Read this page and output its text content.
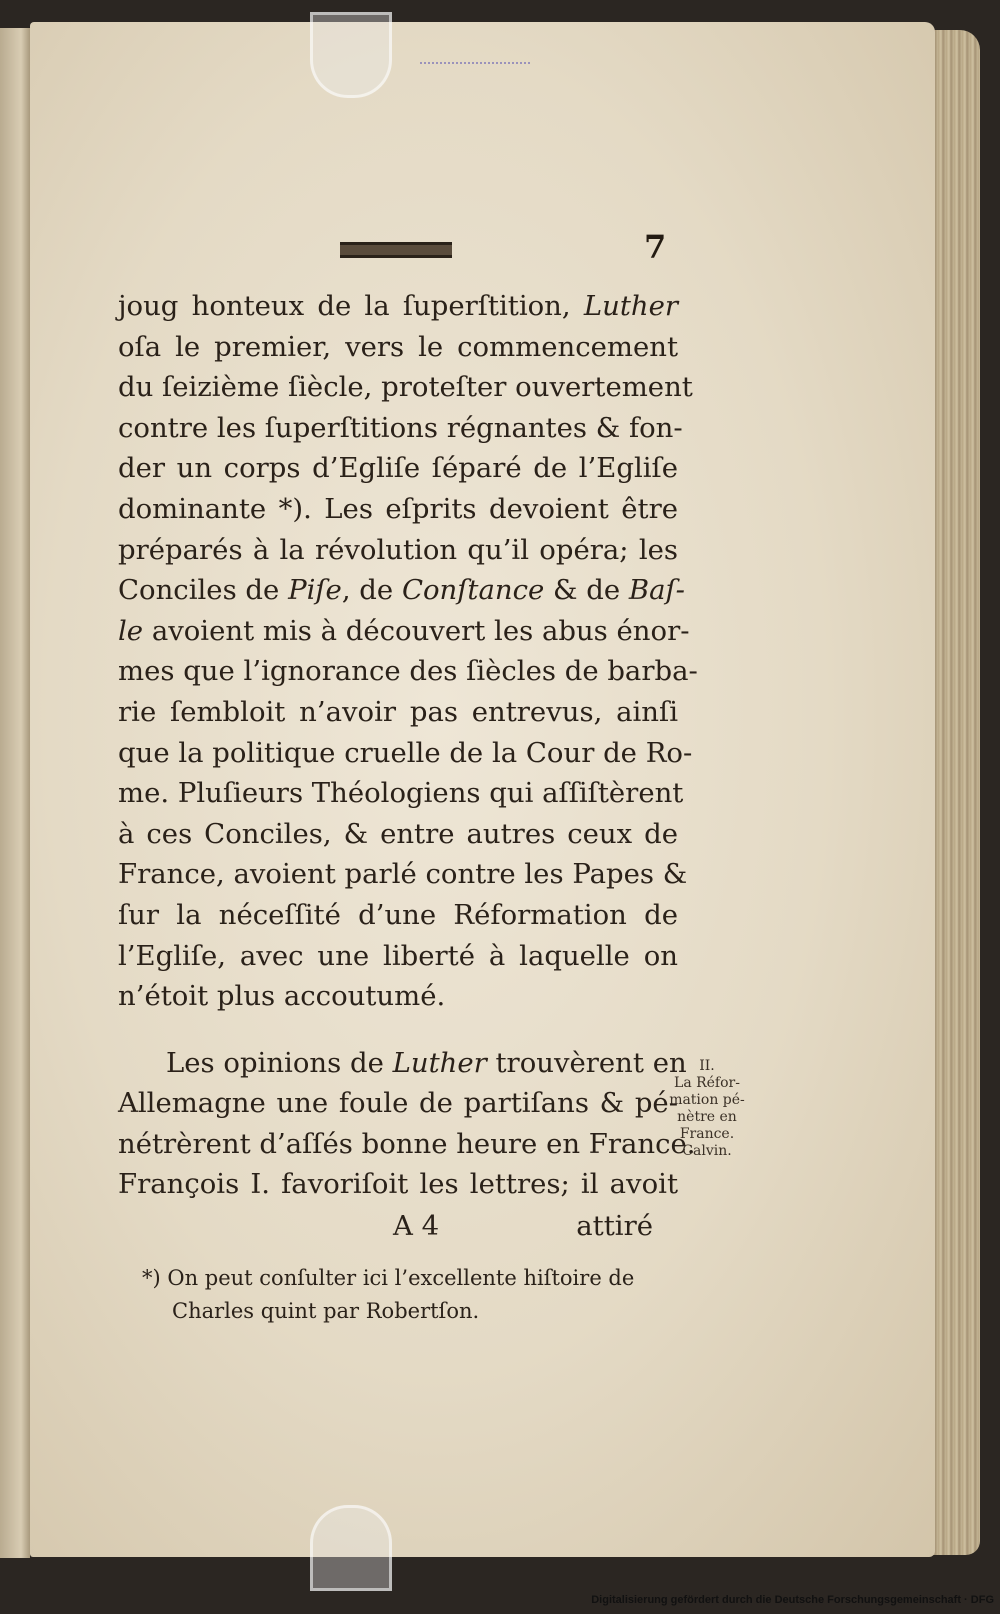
7
joug honteux de la ſuperſtition, Luther
oſa le premier, vers le commencement
du ſeizième ſiècle, proteſter ouvertement
contre les ſuperſtitions régnantes & fon-
der un corps d’Egliſe ſéparé de l’Egliſe
dominante *). Les eſprits devoient être
préparés à la révolution qu’il opéra; les
Conciles de Piſe, de Conſtance & de Baſ-
le avoient mis à découvert les abus énor-
mes que l’ignorance des ſiècles de barba-
rie ſembloit n’avoir pas entrevus, ainſi
que la politique cruelle de la Cour de Ro-
me. Pluſieurs Théologiens qui aſſiſtèrent
à ces Conciles, & entre autres ceux de
France, avoient parlé contre les Papes &
ſur la néceſſité d’une Réformation de
l’Egliſe, avec une liberté à laquelle on
n’étoit plus accoutumé.
Les opinions de Luther trouvèrent en
Allemagne une foule de partiſans & pé-
nétrèrent d’aſſés bonne heure en France.
François I. favoriſoit les lettres; il avoit
A 4	attiré
*) On peut conſulter ici l’excellente hiſtoire de
Charles quint par Robertſon.
II.
La Réfor-
mation pé-
nètre en
France.
Calvin.
Digitalisierung gefördert durch die Deutsche Forschungsgemeinschaft · DFG
